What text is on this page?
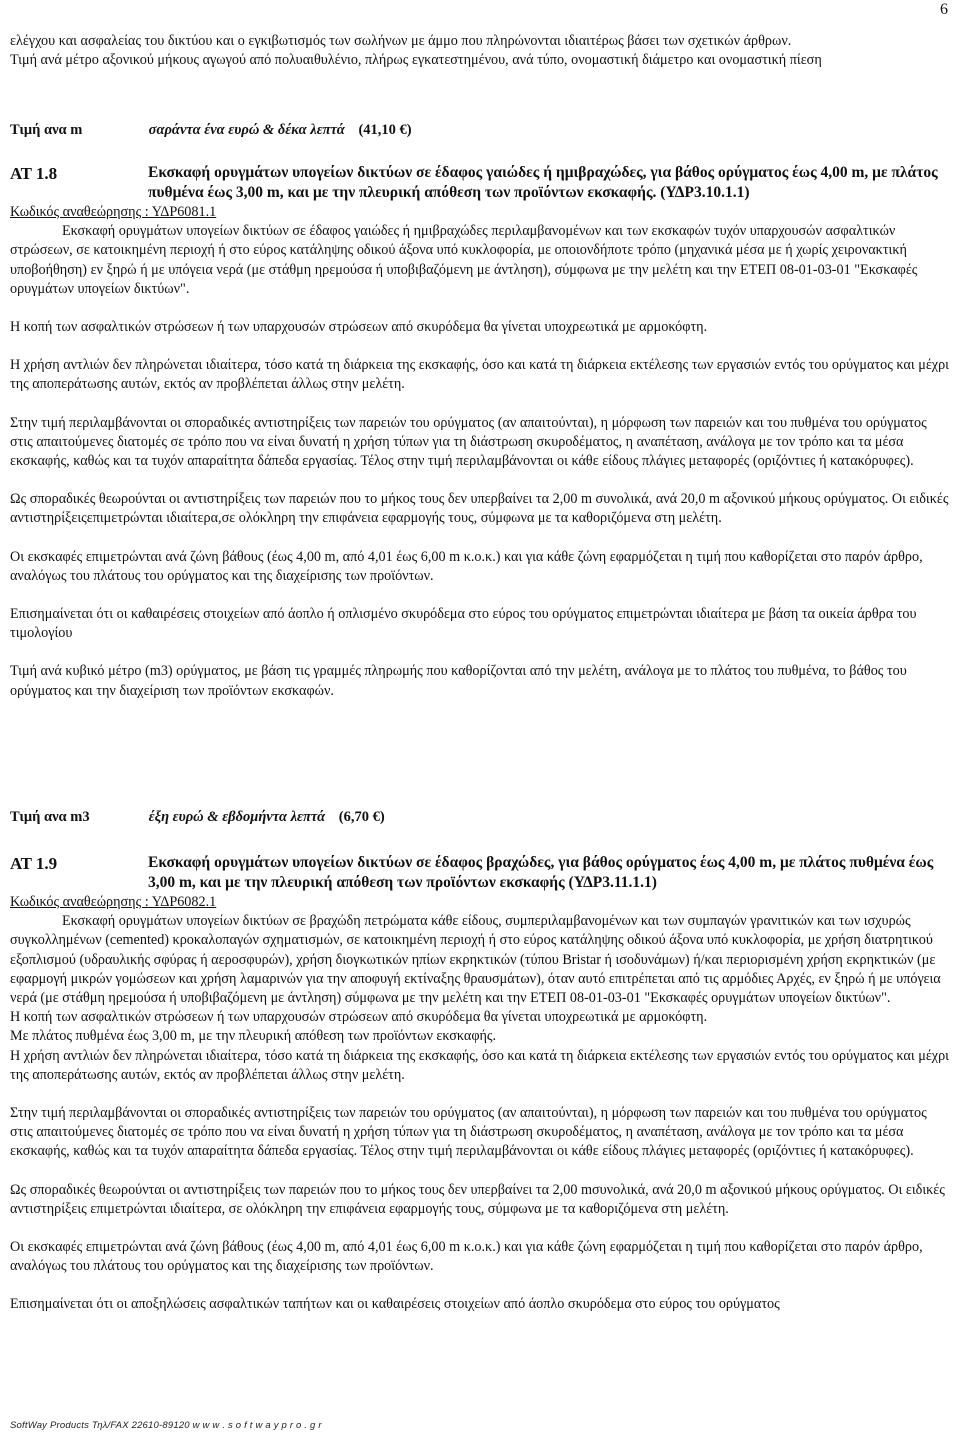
6

ελέγχου και ασφαλείας του δικτύου και ο εγκιβωτισμός των σωλήνων με άμμο που πληρώνονται ιδιαιτέρως βάσει των σχετικών άρθρων.

Τιμή ανά μέτρο αξονικού μήκους αγωγού από πολυαιθυλένιο, πλήρως εγκατεστημένου, ανά τύπο, ονομαστική διάμετρο και ονομαστική πίεση

Τιμή ανα m	σαράντα ένα ευρώ & δέκα λεπτά (41,10 €)
ΑΤ 1.8	Εκσκαφή ορυγμάτων υπογείων δικτύων σε έδαφος γαιώδες ή ημιβραχώδες, για βάθος ορύγματος έως 4,00 m, με πλάτος πυθμένα έως 3,00 m, και με την πλευρική απόθεση των προϊόντων εκσκαφής. (ΥΔΡ3.10.1.1)

Κωδικός αναθεώρησης : ΥΔΡ6081.1

Εκσκαφή ορυγμάτων υπογείων δικτύων σε έδαφος γαιώδες ή ημιβραχώδες περιλαμβανομένων και των εκσκαφών τυχόν υπαρχουσών ασφαλτικών στρώσεων, σε κατοικημένη περιοχή ή στο εύρος κατάληψης οδικού άξονα υπό κυκλοφορία, με οποιονδήποτε τρόπο (μηχανικά μέσα με ή χωρίς χειρονακτική υποβοήθηση) εν ξηρώ ή με υπόγεια νερά (με στάθμη ηρεμούσα ή υποβιβαζόμενη με άντληση), σύμφωνα με την μελέτη και την ΕΤΕΠ 08-01-03-01 "Εκσκαφές ορυγμάτων υπογείων δικτύων".

Η κοπή των ασφαλτικών στρώσεων ή των υπαρχουσών στρώσεων από σκυρόδεμα θα γίνεται υποχρεωτικά με αρμοκόφτη.

Η χρήση αντλιών δεν πληρώνεται ιδιαίτερα, τόσο κατά τη διάρκεια της εκσκαφής, όσο και κατά τη διάρκεια εκτέλεσης των εργασιών εντός του ορύγματος και μέχρι της αποπεράτωσης αυτών, εκτός αν προβλέπεται άλλως στην μελέτη.

Στην τιμή περιλαμβάνονται οι σποραδικές αντιστηρίξεις των παρειών του ορύγματος (αν απαιτούνται), η μόρφωση των παρειών και του πυθμένα του ορύγματος στις απαιτούμενες διατομές σε τρόπο που να είναι δυνατή η χρήση τύπων για τη διάστρωση σκυροδέματος, η αναπέταση, ανάλογα με τον τρόπο και τα μέσα εκσκαφής, καθώς και τα τυχόν απαραίτητα δάπεδα εργασίας. Τέλος στην τιμή περιλαμβάνονται οι κάθε είδους πλάγιες μεταφορές (οριζόντιες ή κατακόρυφες).

Ως σποραδικές θεωρούνται οι αντιστηρίξεις των παρειών που το μήκος τους δεν υπερβαίνει τα 2,00 m συνολικά, ανά 20,0 m αξονικού μήκους ορύγματος. Οι ειδικές αντιστηρίξειςεπιμετρώνται ιδιαίτερα,σε ολόκληρη την επιφάνεια εφαρμογής τους, σύμφωνα με τα καθοριζόμενα στη μελέτη.

Οι εκσκαφές επιμετρώνται ανά ζώνη βάθους (έως 4,00 m, από 4,01 έως 6,00 m κ.ο.κ.) και για κάθε ζώνη εφαρμόζεται η τιμή που καθορίζεται στο παρόν άρθρο, αναλόγως του πλάτους του ορύγματος και της διαχείρισης των προϊόντων.

Επισημαίνεται ότι οι καθαιρέσεις στοιχείων από άοπλο ή οπλισμένο σκυρόδεμα στο εύρος του ορύγματος επιμετρώνται ιδιαίτερα με βάση τα οικεία άρθρα του τιμολογίου

Τιμή ανά κυβικό μέτρο (m3) ορύγματος, με βάση τις γραμμές πληρωμής που καθορίζονται από την μελέτη, ανάλογα με το πλάτος του πυθμένα, το βάθος του ορύγματος και την διαχείριση των προϊόντων εκσκαφών.

Τιμή ανα m3	έξη ευρώ & εβδομήντα λεπτά (6,70 €)
ΑΤ 1.9	Εκσκαφή ορυγμάτων υπογείων δικτύων σε έδαφος βραχώδες, για βάθος ορύγματος έως 4,00 m, με πλάτος πυθμένα έως 3,00 m, και με την πλευρική απόθεση των προϊόντων εκσκαφής (ΥΔΡ3.11.1.1)

Κωδικός αναθεώρησης : ΥΔΡ6082.1

Εκσκαφή ορυγμάτων υπογείων δικτύων σε βραχώδη πετρώματα κάθε είδους, συμπεριλαμβανομένων και των συμπαγών γρανιτικών και των ισχυρώς συγκολλημένων (cemented) κροκαλοπαγών σχηματισμών, σε κατοικημένη περιοχή ή στο εύρος κατάληψης οδικού άξονα υπό κυκλοφορία, με χρήση διατρητικού εξοπλισμού (υδραυλικής σφύρας ή αεροσφυρών), χρήση διογκωτικών ηπίων εκρηκτικών (τύπου Bristar ή ισοδυνάμων) ή/και περιορισμένη χρήση εκρηκτικών (με εφαρμογή μικρών γομώσεων και χρήση λαμαρινών για την αποφυγή εκτίναξης θραυσμάτων), όταν αυτό επιτρέπεται από τις αρμόδιες Αρχές, εν ξηρώ ή με υπόγεια νερά (με στάθμη ηρεμούσα ή υποβιβαζόμενη με άντληση) σύμφωνα με την μελέτη και την ΕΤΕΠ 08-01-03-01 "Εκσκαφές ορυγμάτων υπογείων δικτύων".

Η κοπή των ασφαλτικών στρώσεων ή των υπαρχουσών στρώσεων από σκυρόδεμα θα γίνεται υποχρεωτικά με αρμοκόφτη.

Με πλάτος πυθμένα έως 3,00 m, με την πλευρική απόθεση των προϊόντων εκσκαφής.

Η χρήση αντλιών δεν πληρώνεται ιδιαίτερα, τόσο κατά τη διάρκεια της εκσκαφής, όσο και κατά τη διάρκεια εκτέλεσης των εργασιών εντός του ορύγματος και μέχρι της αποπεράτωσης αυτών, εκτός αν προβλέπεται άλλως στην μελέτη.

Στην τιμή περιλαμβάνονται οι σποραδικές αντιστηρίξεις των παρειών του ορύγματος (αν απαιτούνται), η μόρφωση των παρειών και του πυθμένα του ορύγματος στις απαιτούμενες διατομές σε τρόπο που να είναι δυνατή η χρήση τύπων για τη διάστρωση σκυροδέματος, η αναπέταση, ανάλογα με τον τρόπο και τα μέσα εκσκαφής, καθώς και τα τυχόν απαραίτητα δάπεδα εργασίας. Τέλος στην τιμή περιλαμβάνονται οι κάθε είδους πλάγιες μεταφορές (οριζόντιες ή κατακόρυφες).

Ως σποραδικές θεωρούνται οι αντιστηρίξεις των παρειών που το μήκος τους δεν υπερβαίνει τα 2,00 mσυνολικά, ανά 20,0 m αξονικού μήκους ορύγματος. Οι ειδικές αντιστηρίξεις επιμετρώνται ιδιαίτερα, σε ολόκληρη την επιφάνεια εφαρμογής τους, σύμφωνα με τα καθοριζόμενα στη μελέτη.

Οι εκσκαφές επιμετρώνται ανά ζώνη βάθους (έως 4,00 m, από 4,01 έως 6,00 m κ.ο.κ.) και για κάθε ζώνη εφαρμόζεται η τιμή που καθορίζεται στο παρόν άρθρο, αναλόγως του πλάτους του ορύγματος και της διαχείρισης των προϊόντων.

Επισημαίνεται ότι οι αποξηλώσεις ασφαλτικών ταπήτων και οι καθαιρέσεις στοιχείων από άοπλο σκυρόδεμα στο εύρος του ορύγματος

SoftWay Products Τηλ/FAX 22610-89120 w w w . s o f t w a y p r o . g r
